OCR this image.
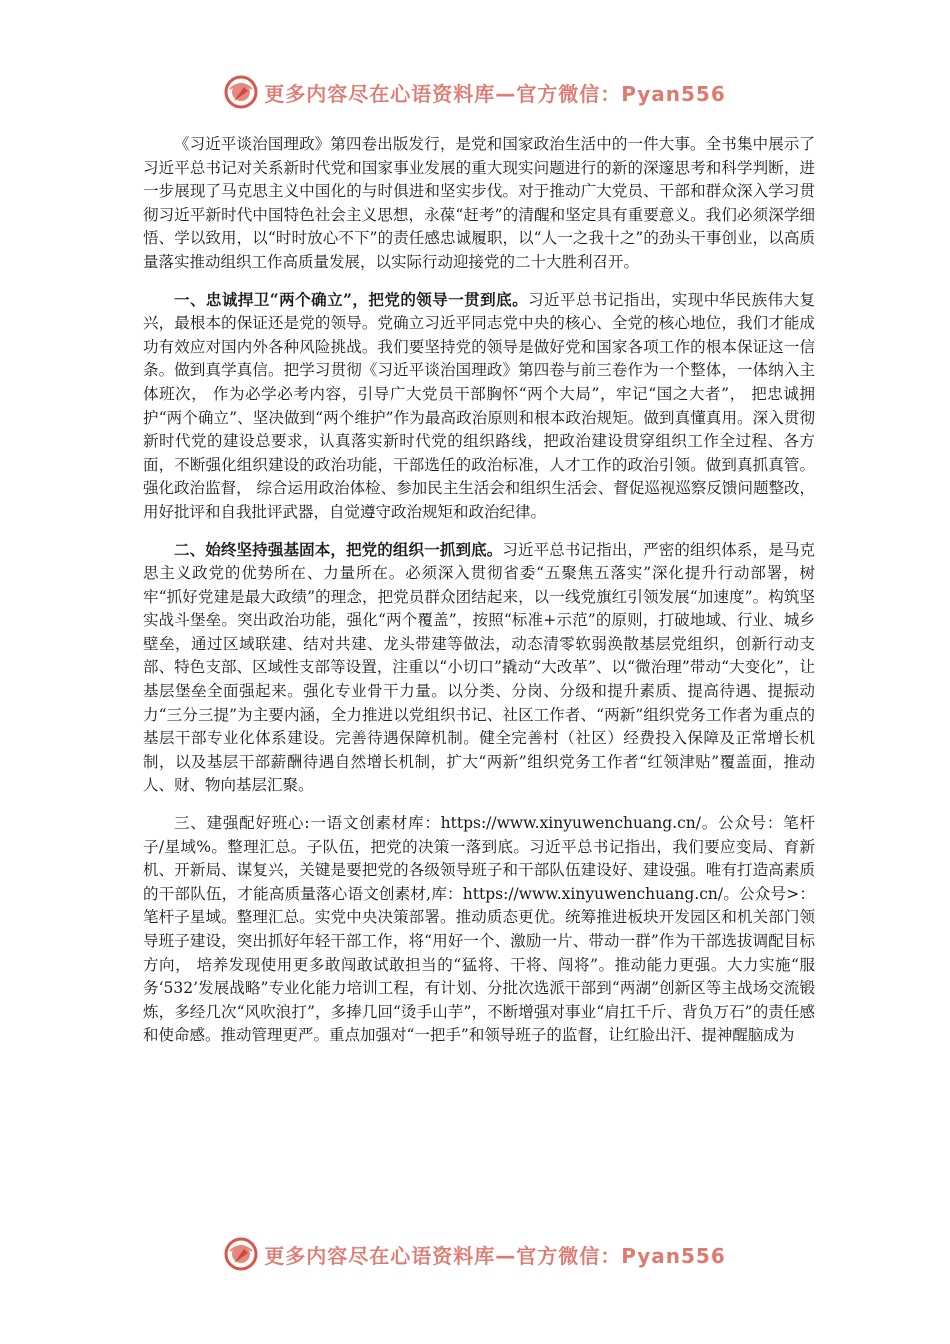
更多内容尽在心语资料库—官方微信：Pyan556

《习近平谈治国理政》第四卷出版发行，是党和国家政治生活中的一件大事。全书集中展示了习近平总书记对关系新时代党和国家事业发展的重大现实问题进行的新的深邃思考和科学判断，进一步展现了马克思主义中国化的与时俱进和坚实步伐。对于推动广大党员、干部和群众深入学习贯彻习近平新时代中国特色社会主义思想，永葆“赶考”的清醒和坚定具有重要意义。我们必须深学细悟、学以致用，以“时时放心不下”的责任感忠诚履职，以“人一之我十之”的劲头干事创业，以高质量落实推动组织工作高质量发展，以实际行动迎接党的二十大胜利召开。

一、忠诚捍卫“两个确立”，把党的领导一贯到底。习近平总书记指出，实现中华民族伟大复兴，最根本的保证还是党的领导。党确立习近平同志党中央的核心、全党的核心地位，我们才能成功有效应对国内外各种风险挑战。我们要坚持党的领导是做好党和国家各项工作的根本保证这一信条。做到真学真信。把学习贯彻《习近平谈治国理政》第四卷与前三卷作为一个整体，一体纳入主体班次， 作为必学必考内容，引导广大党员干部胸怀“两个大局”，牢记“国之大者”， 把忠诚拥护“两个确立”、坚决做到“两个维护”作为最高政治原则和根本政治规矩。做到真懂真用。深入贯彻新时代党的建设总要求，认真落实新时代党的组织路线，把政治建设贯穿组织工作全过程、各方面，不断强化组织建设的政治功能，干部选任的政治标准，人才工作的政治引领。做到真抓真管。强化政治监督， 综合运用政治体检、参加民主生活会和组织生活会、督促巡视巡察反馈问题整改， 用好批评和自我批评武器，自觉遵守政治规矩和政治纪律。

二、始终坚持强基固本，把党的组织一抓到底。习近平总书记指出，严密的组织体系，是马克思主义政党的优势所在、力量所在。必须深入贯彻省委“五聚焦五落实”深化提升行动部署，树牢“抓好党建是最大政绩”的理念，把党员群众团结起来，以一线党旗红引领发展“加速度”。构筑坚实战斗堡垒。突出政治功能，强化“两个覆盖”，按照“标准+示范”的原则，打破地域、行业、城乡壁垒，通过区域联建、结对共建、龙头带建等做法，动态清零软弱涣散基层党组织，创新行动支部、特色支部、区域性支部等设置，注重以“小切口”撬动“大改革”、以“微治理”带动“大变化”，让基层堡垒全面强起来。强化专业骨干力量。以分类、分岗、分级和提升素质、提高待遇、提振动力“三分三提”为主要内涵，全力推进以党组织书记、社区工作者、“两新”组织党务工作者为重点的基层干部专业化体系建设。完善待遇保障机制。健全完善村（社区）经费投入保障及正常增长机制，以及基层干部薪酬待遇自然增长机制，扩大“两新”组织党务工作者“红领津贴”覆盖面，推动人、财、物向基层汇聚。

三、建强配好班心:一语文创素材库：https://www.xinyuwenchuang.cn/。公众号：笔杆子/星域%。整理汇总。子队伍，把党的决策一落到底。习近平总书记指出，我们要应变局、育新机、开新局、谋复兴，关键是要把党的各级领导班子和干部队伍建设好、建设强。唯有打造高素质的干部队伍，才能高质量落心语文创素材,库：https://www.xinyuwenchuang.cn/。公众号>：笔杆子星域。整理汇总。实党中央决策部署。推动质态更优。统筹推进板块开发园区和机关部门领导班子建设，突出抓好年轻干部工作，将“用好一个、激励一片、带动一群”作为干部选拔调配目标方向， 培养发现使用更多敢闯敢试敢担当的“猛将、干将、闯将”。推动能力更强。大力实施“服务‘532’发展战略”专业化能力培训工程，有计划、分批次选派干部到“两湖”创新区等主战场交流锻炼，多经几次“风吹浪打”，多捧几回“烫手山芋”，不断增强对事业“肩扛千斤、背负万石”的责任感和使命感。推动管理更严。重点加强对“一把手”和领导班子的监督，让红脸出汗、提神醒脑成为

更多内容尽在心语资料库—官方微信：Pyan556
